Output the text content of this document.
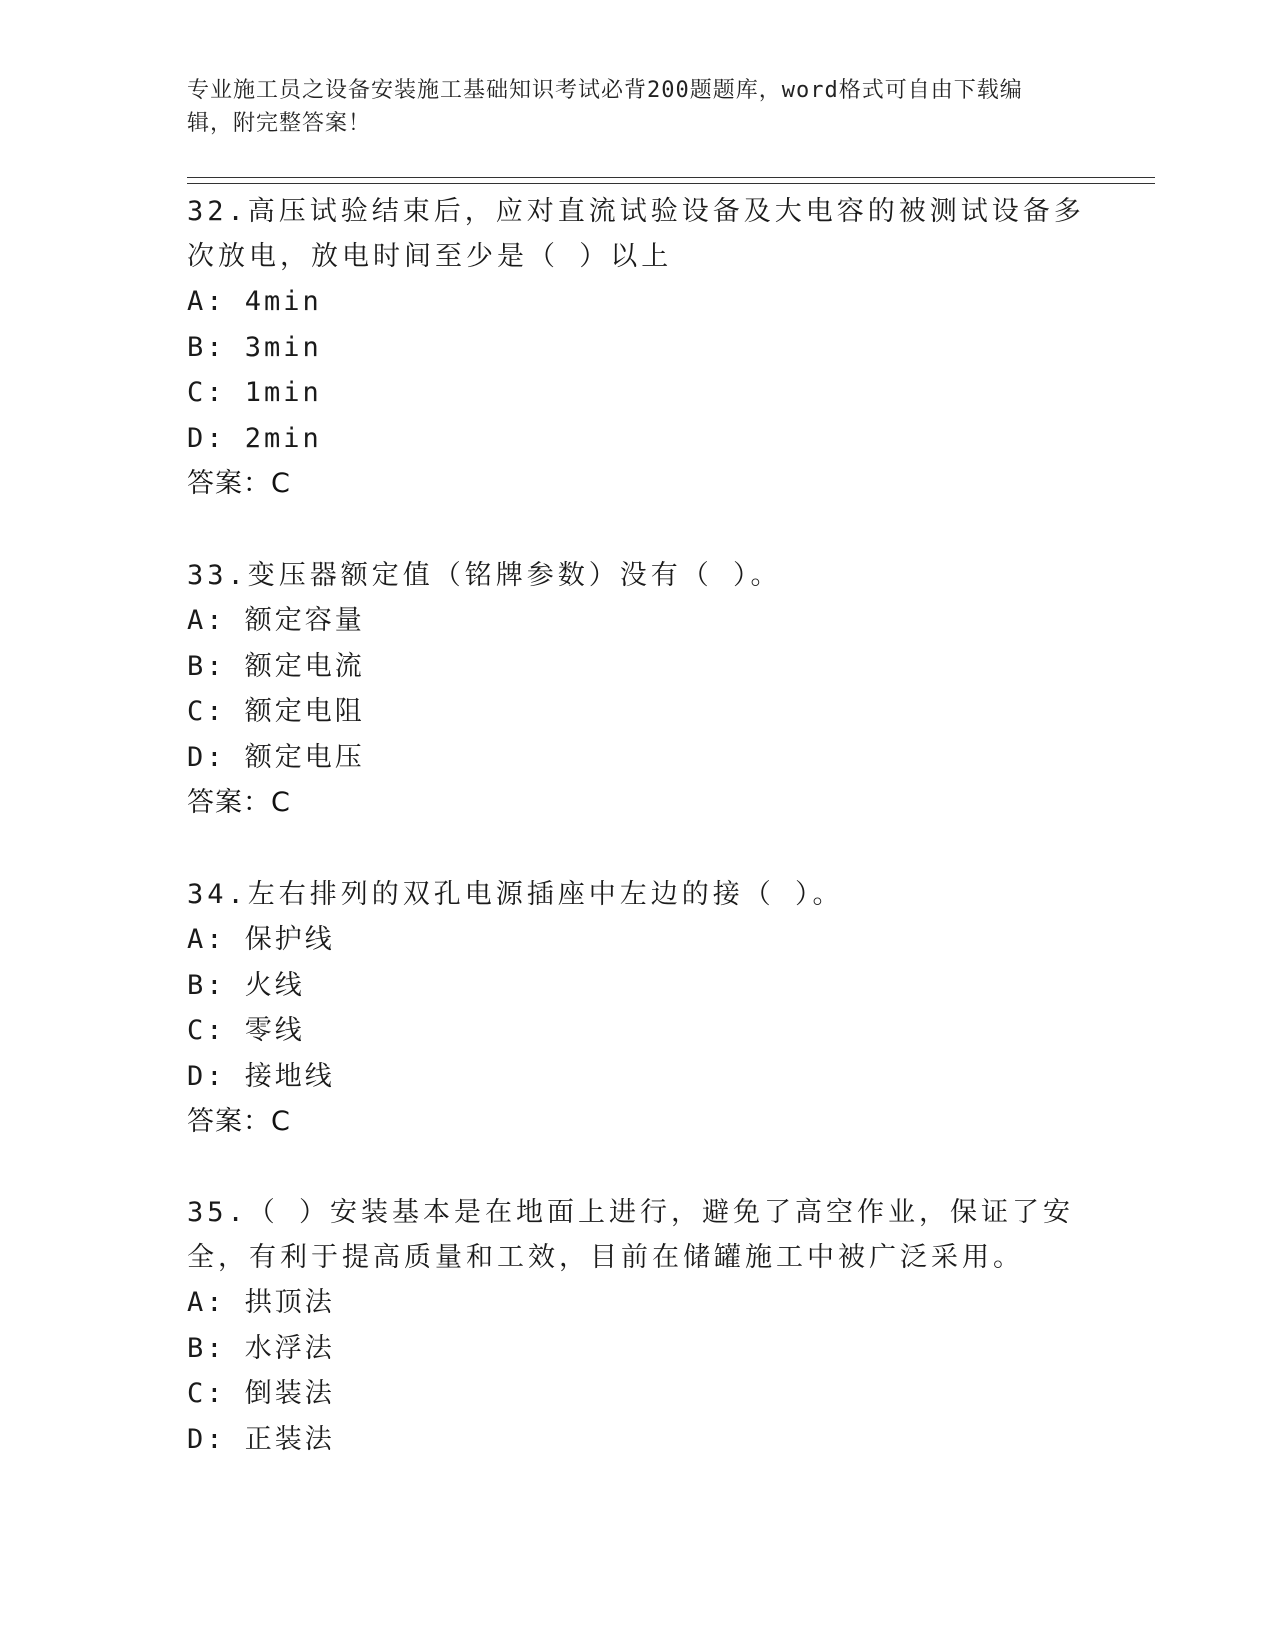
专业施工员之设备安装施工基础知识考试必背200题题库，word格式可自由下载编辑，附完整答案！
32.高压试验结束后，应对直流试验设备及大电容的被测试设备多次放电，放电时间至少是（ ）以上
A: 4min
B: 3min
C: 1min
D: 2min
答案：C
33.变压器额定值（铭牌参数）没有（ ）。
A: 额定容量
B: 额定电流
C: 额定电阻
D: 额定电压
答案：C
34.左右排列的双孔电源插座中左边的接（ ）。
A: 保护线
B: 火线
C: 零线
D: 接地线
答案：C
35.（ ）安装基本是在地面上进行，避免了高空作业，保证了安全，有利于提高质量和工效，目前在储罐施工中被广泛采用。
A: 拱顶法
B: 水浮法
C: 倒装法
D: 正装法
